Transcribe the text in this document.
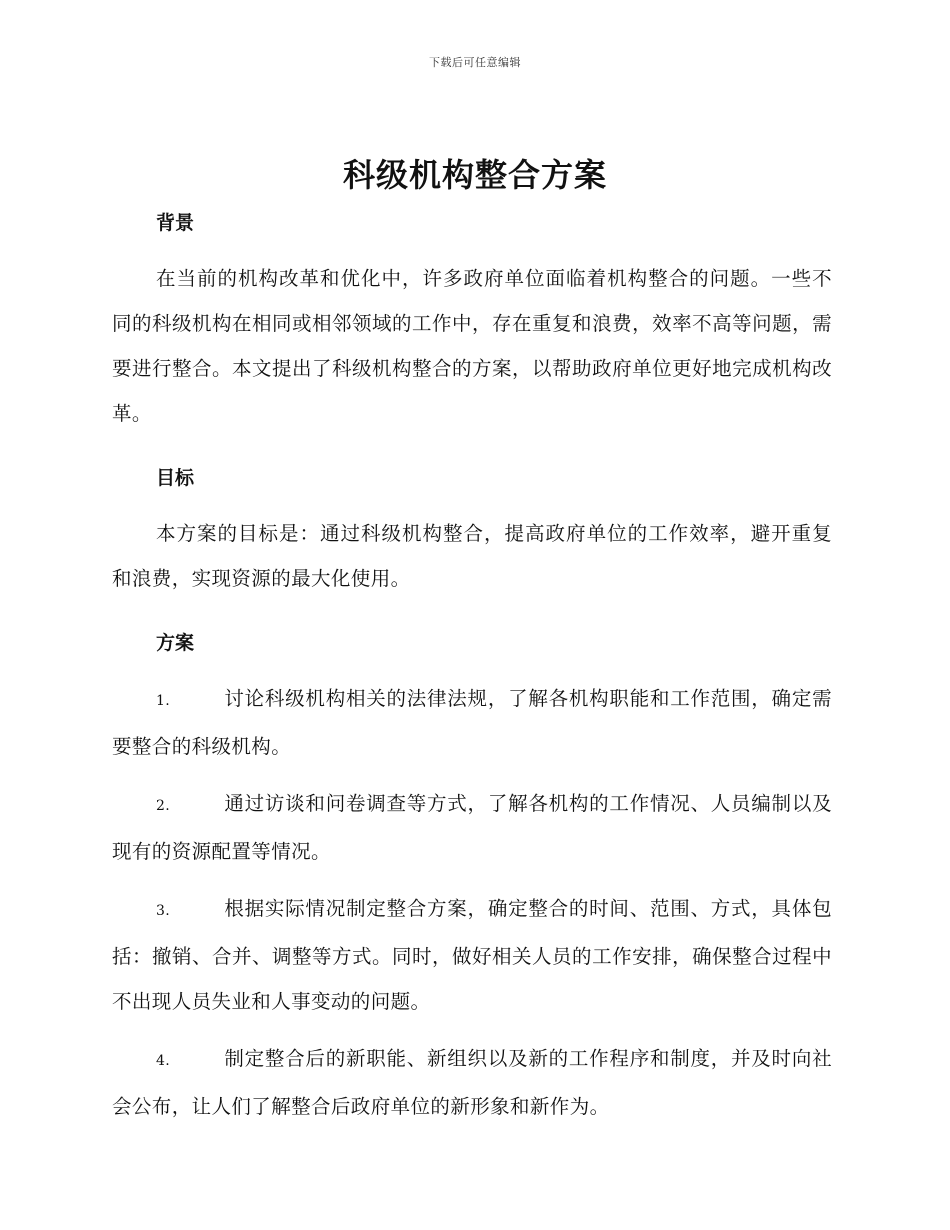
下载后可任意编辑
科级机构整合方案
背景

在当前的机构改革和优化中，许多政府单位面临着机构整合的问题。一些不同的科级机构在相同或相邻领域的工作中，存在重复和浪费，效率不高等问题，需要进行整合。本文提出了科级机构整合的方案，以帮助政府单位更好地完成机构改革。

目标

本方案的目标是：通过科级机构整合，提高政府单位的工作效率，避开重复和浪费，实现资源的最大化使用。

方案
1.	讨论科级机构相关的法律法规，了解各机构职能和工作范围，确定需要整合的科级机构。
2.	通过访谈和问卷调查等方式，了解各机构的工作情况、人员编制以及现有的资源配置等情况。
3.	根据实际情况制定整合方案，确定整合的时间、范围、方式，具体包括：撤销、合并、调整等方式。同时，做好相关人员的工作安排，确保整合过程中不出现人员失业和人事变动的问题。
4.	制定整合后的新职能、新组织以及新的工作程序和制度，并及时向社会公布，让人们了解整合后政府单位的新形象和新作为。
